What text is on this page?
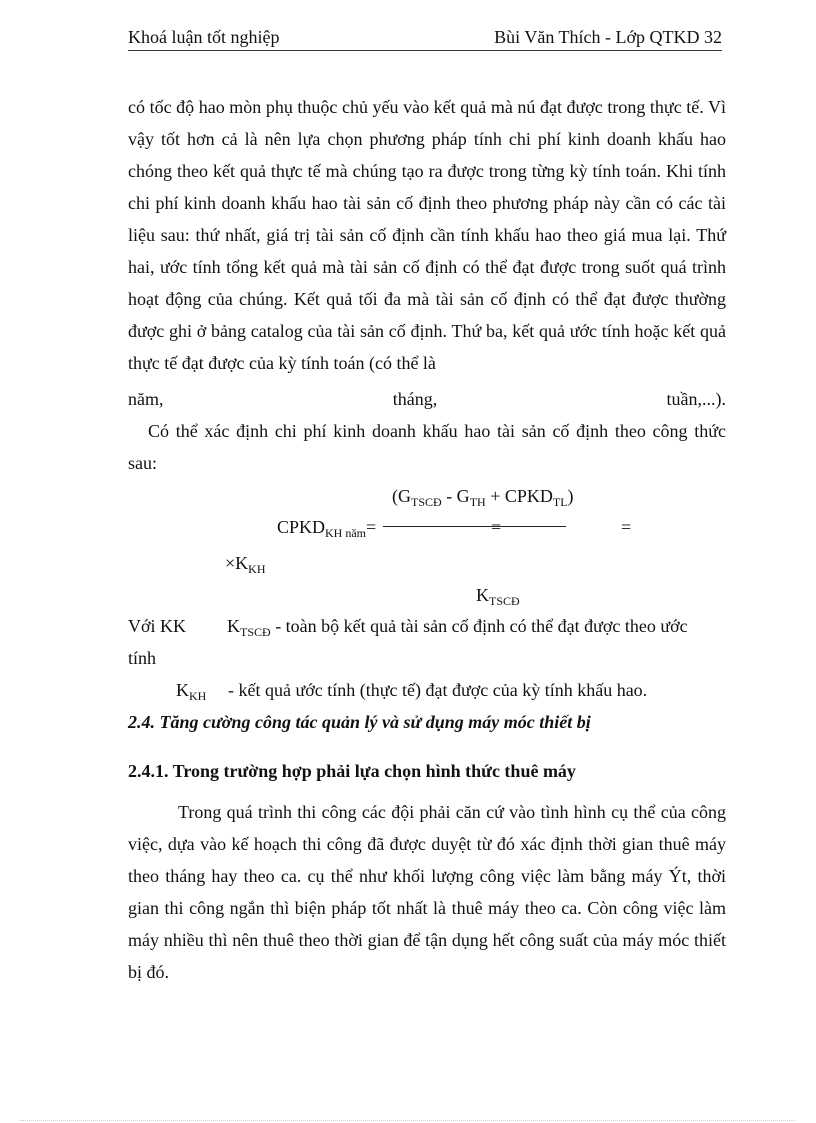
Khoá luận tốt nghiệp	Bùi Văn Thích - Lớp QTKD 32
có tốc độ hao mòn phụ thuộc chủ yếu vào kết quả mà nú đạt được trong thực tế. Vì vậy tốt hơn cả là nên lựa chọn phương pháp tính chi phí kinh doanh khấu hao chóng theo kết quả thực tế mà chúng tạo ra được trong từng kỳ tính toán. Khi tính chi phí kinh doanh khấu hao tài sản cố định theo phương pháp này cần có các tài liệu sau: thứ nhất, giá trị tài sản cố định cần tính khấu hao theo giá mua lại. Thứ hai, ước tính tổng kết quả mà tài sản cố định có thể đạt được trong suốt quá trình hoạt động của chúng. Kết quả tối đa mà tài sản cố định có thể đạt được thường được ghi ở bảng catalog của tài sản cố định. Thứ ba, kết quả ước tính hoặc kết quả thực tế đạt được của kỳ tính toán (có thể là
năm,	tháng,	tuần,...).
Có thể xác định chi phí kinh doanh khấu hao tài sản cố định theo công thức
sau:
($G_{TSCĐ} - G_{TH}$ + $CPKD_{TL}$)
$CPKD_{KH năm}=$	=	=
$\times K_{KH}$
$K_{TSCĐ}$
Với KK $K_{TSCĐ}$ - toàn bộ kết quả tài sản cố định có thể đạt được theo ước
tính
$K_{KH}$ - kết quả ước tính (thực tế) đạt được của kỳ tính khấu hao.
2.4. Tăng cường công tác quản lý và sử dụng máy móc thiết bị
2.4.1. Trong trường hợp phải lựa chọn hình thức thuê máy
Trong quá trình thi công các đội phải căn cứ vào tình hình cụ thể của công việc, dựa vào kế hoạch thi công đã được duyệt từ đó xác định thời gian thuê máy theo tháng hay theo ca. cụ thể như khối lượng công việc làm bằng máy Ýt, thời gian thi công ngắn thì biện pháp tốt nhất là thuê máy theo ca. Còn công việc làm máy nhiều thì nên thuê theo thời gian để tận dụng hết công suất của máy móc thiết bị đó.
